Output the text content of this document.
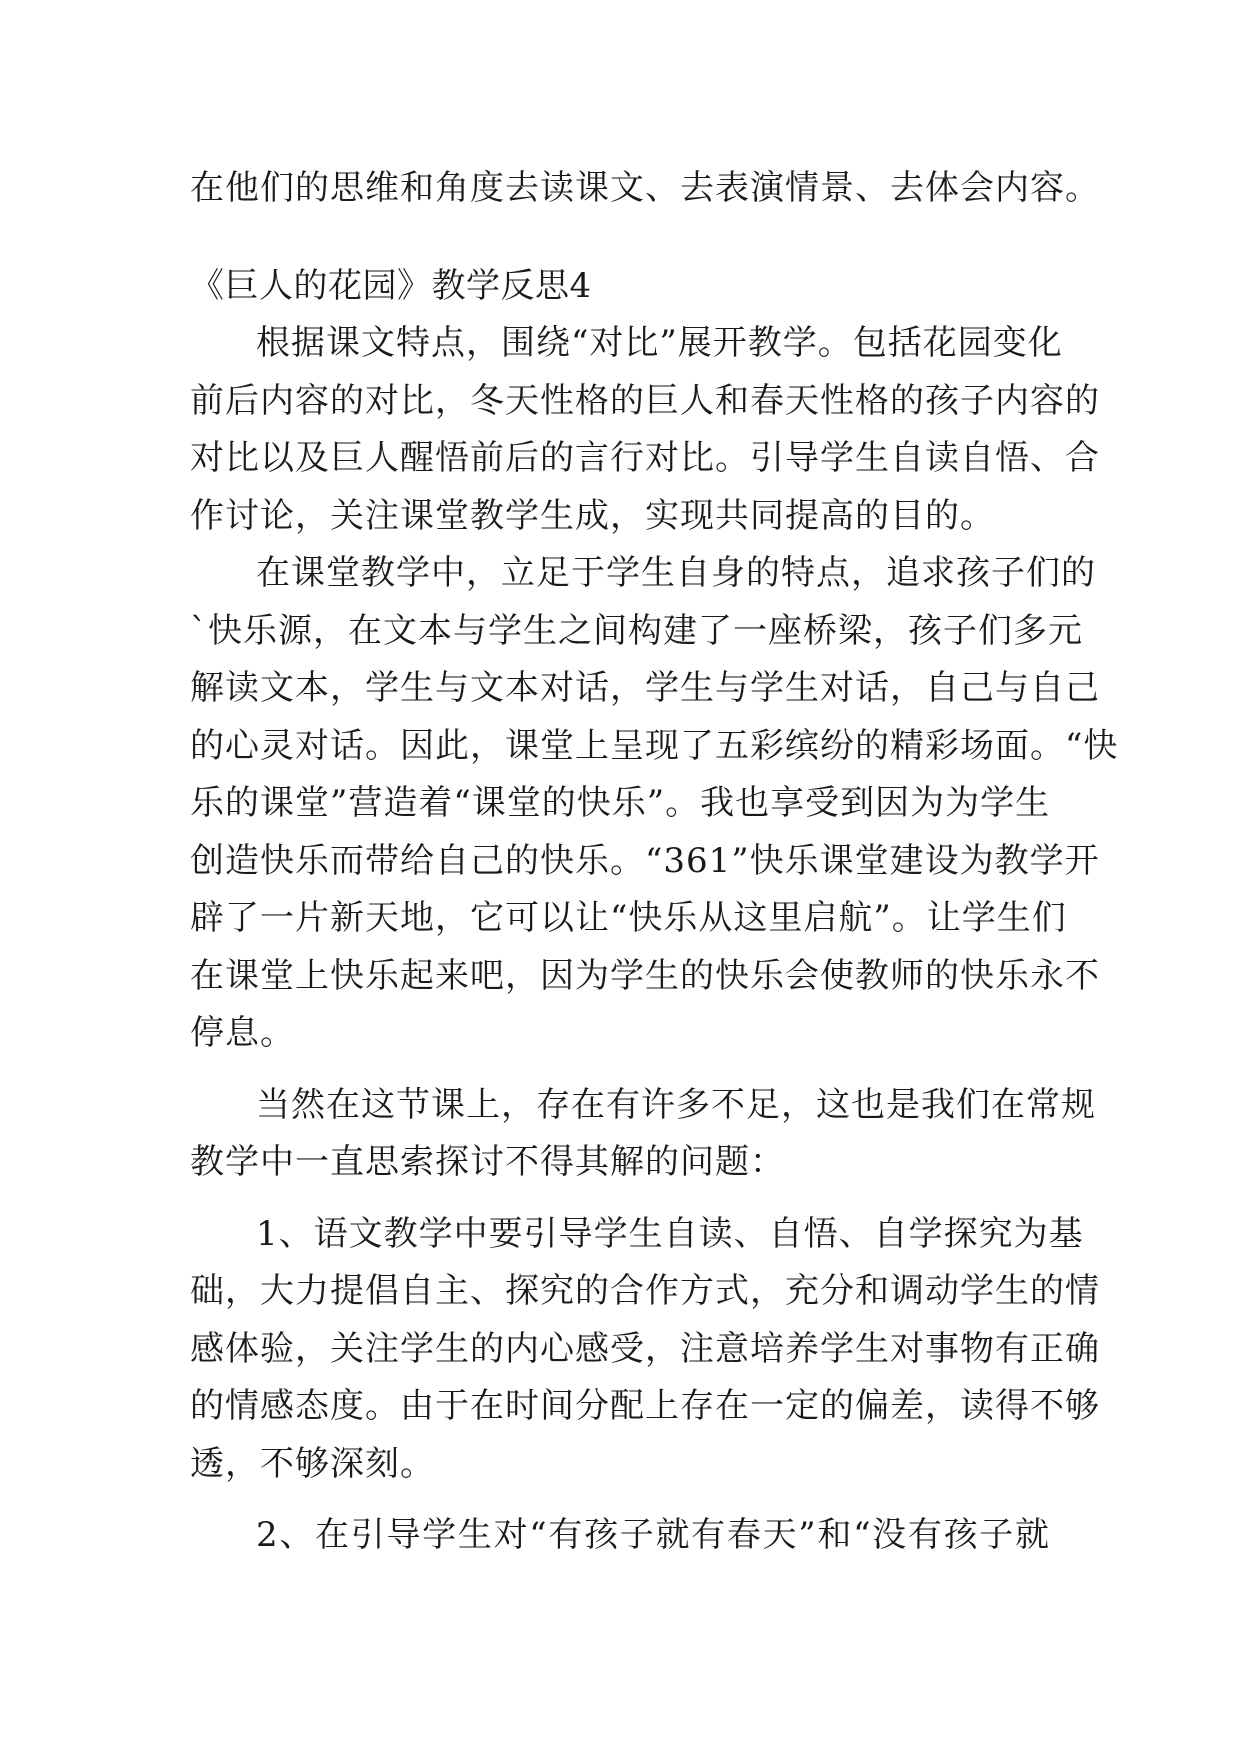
在他们的思维和角度去读课文、去表演情景、去体会内容。
《巨人的花园》教学反思4
根据课文特点，围绕“对比”展开教学。包括花园变化
前后内容的对比，冬天性格的巨人和春天性格的孩子内容的
对比以及巨人醒悟前后的言行对比。引导学生自读自悟、合
作讨论，关注课堂教学生成，实现共同提高的目的。
在课堂教学中，立足于学生自身的特点，追求孩子们的
`快乐源，在文本与学生之间构建了一座桥梁，孩子们多元
解读文本，学生与文本对话，学生与学生对话，自己与自己
的心灵对话。因此，课堂上呈现了五彩缤纷的精彩场面。“快
乐的课堂”营造着“课堂的快乐”。我也享受到因为为学生
创造快乐而带给自己的快乐。“361”快乐课堂建设为教学开
辟了一片新天地，它可以让“快乐从这里启航”。让学生们
在课堂上快乐起来吧，因为学生的快乐会使教师的快乐永不
停息。
当然在这节课上，存在有许多不足，这也是我们在常规
教学中一直思索探讨不得其解的问题：
1、语文教学中要引导学生自读、自悟、自学探究为基
础，大力提倡自主、探究的合作方式，充分和调动学生的情
感体验，关注学生的内心感受，注意培养学生对事物有正确
的情感态度。由于在时间分配上存在一定的偏差，读得不够
透，不够深刻。
2、在引导学生对“有孩子就有春天”和“没有孩子就
